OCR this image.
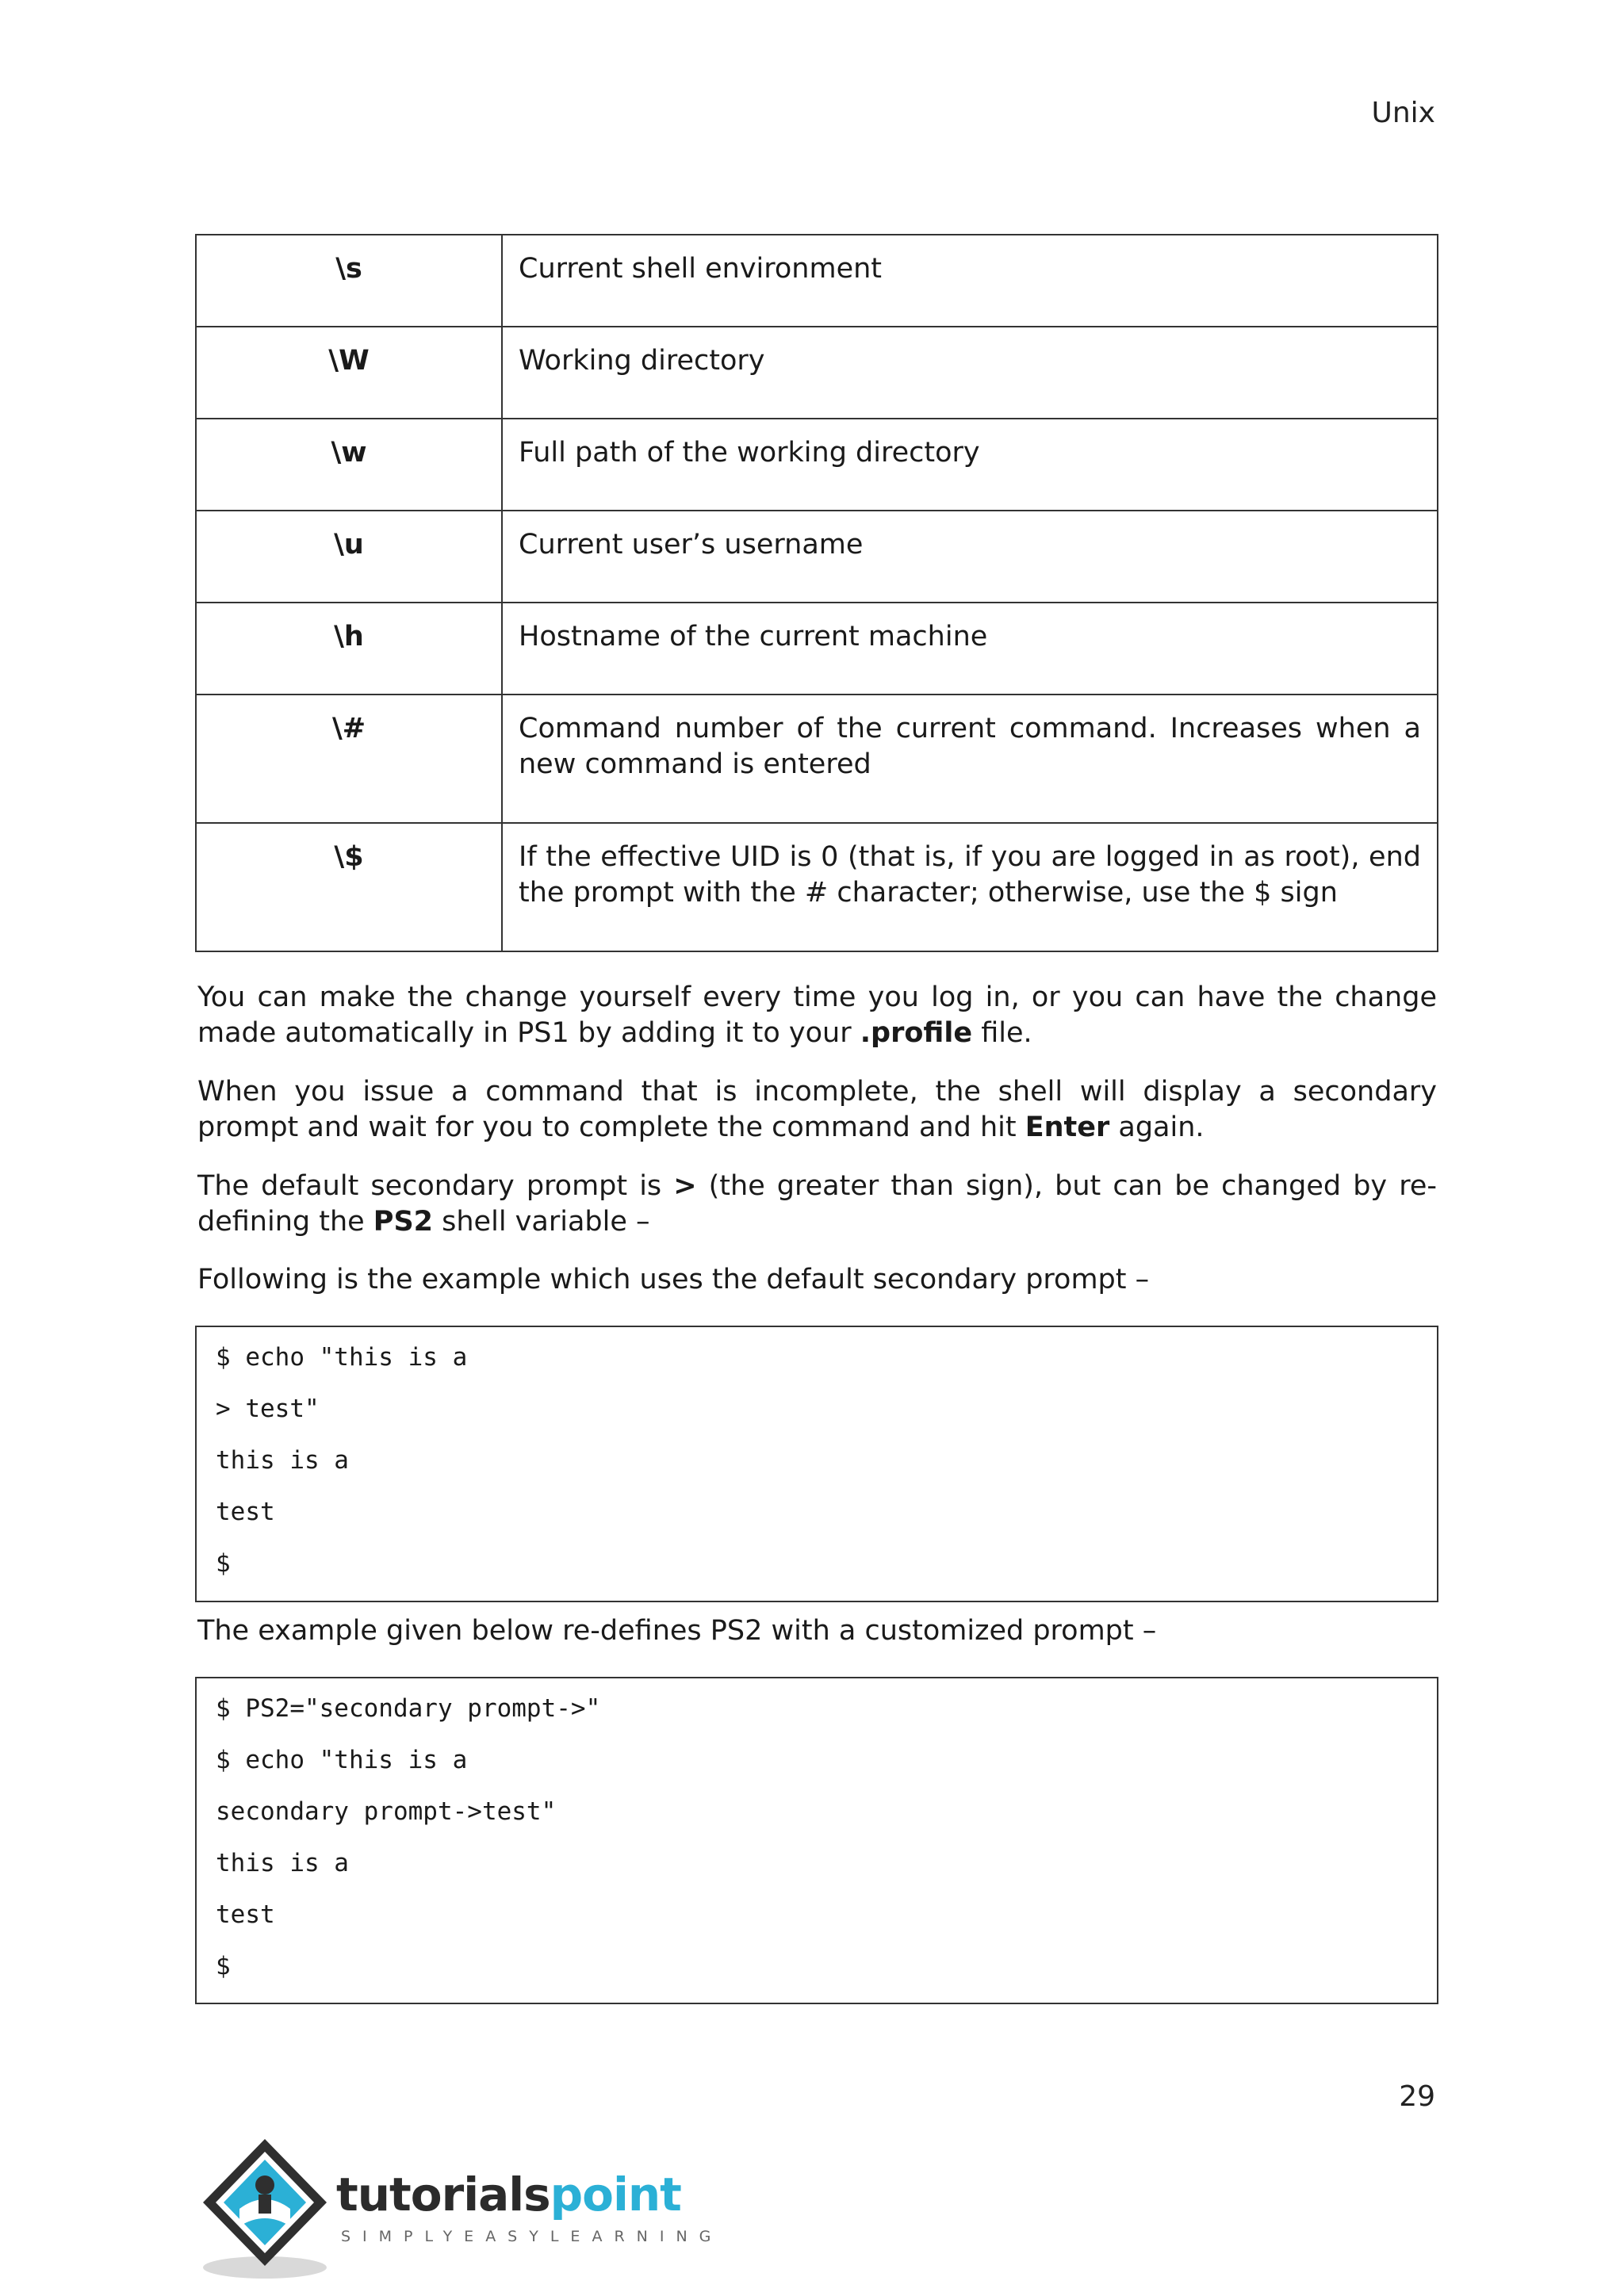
Unix
\s	Current shell environment
\W	Working directory
\w	Full path of the working directory
\u	Current user’s username
\h	Hostname of the current machine
\#	Command number of the current command. Increases when a new command is entered
\$	If the effective UID is 0 (that is, if you are logged in as root), end the prompt with the # character; otherwise, use the $ sign

You can make the change yourself every time you log in, or you can have the change made automatically in PS1 by adding it to your .profile file.

When you issue a command that is incomplete, the shell will display a secondary prompt and wait for you to complete the command and hit Enter again.

The default secondary prompt is > (the greater than sign), but can be changed by re-defining the PS2 shell variable –

Following is the example which uses the default secondary prompt –

$ echo "this is a
> test"
this is a
test
$

The example given below re-defines PS2 with a customized prompt –

$ PS2="secondary prompt->"
$ echo "this is a
secondary prompt->test"
this is a
test
$
29
tutorialspoint
SIMPLYEASYLEARNING
